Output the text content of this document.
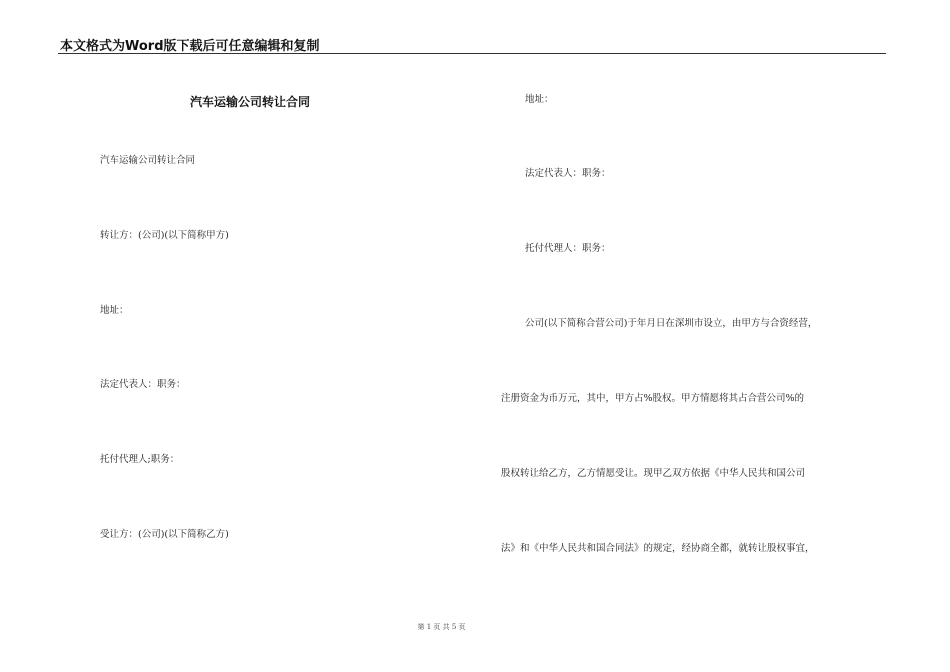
本文格式为Word版下载后可任意编辑和复制
汽车运输公司转让合同
汽车运输公司转让合同
转让方：(公司)(以下简称甲方)
地址：
法定代表人：职务：
托付代理人;职务：
受让方：(公司)(以下简称乙方)
地址：
法定代表人：职务：
托付代理人：职务：
公司(以下简称合营公司)于年月日在深圳市设立，由甲方与合资经营，
注册资金为币万元，其中，甲方占%股权。甲方情愿将其占合营公司%的
股权转让给乙方，乙方情愿受让。现甲乙双方依据《中华人民共和国公司
法》和《中华人民共和国合同法》的规定，经协商全都，就转让股权事宜，
第 1 页 共 5 页
